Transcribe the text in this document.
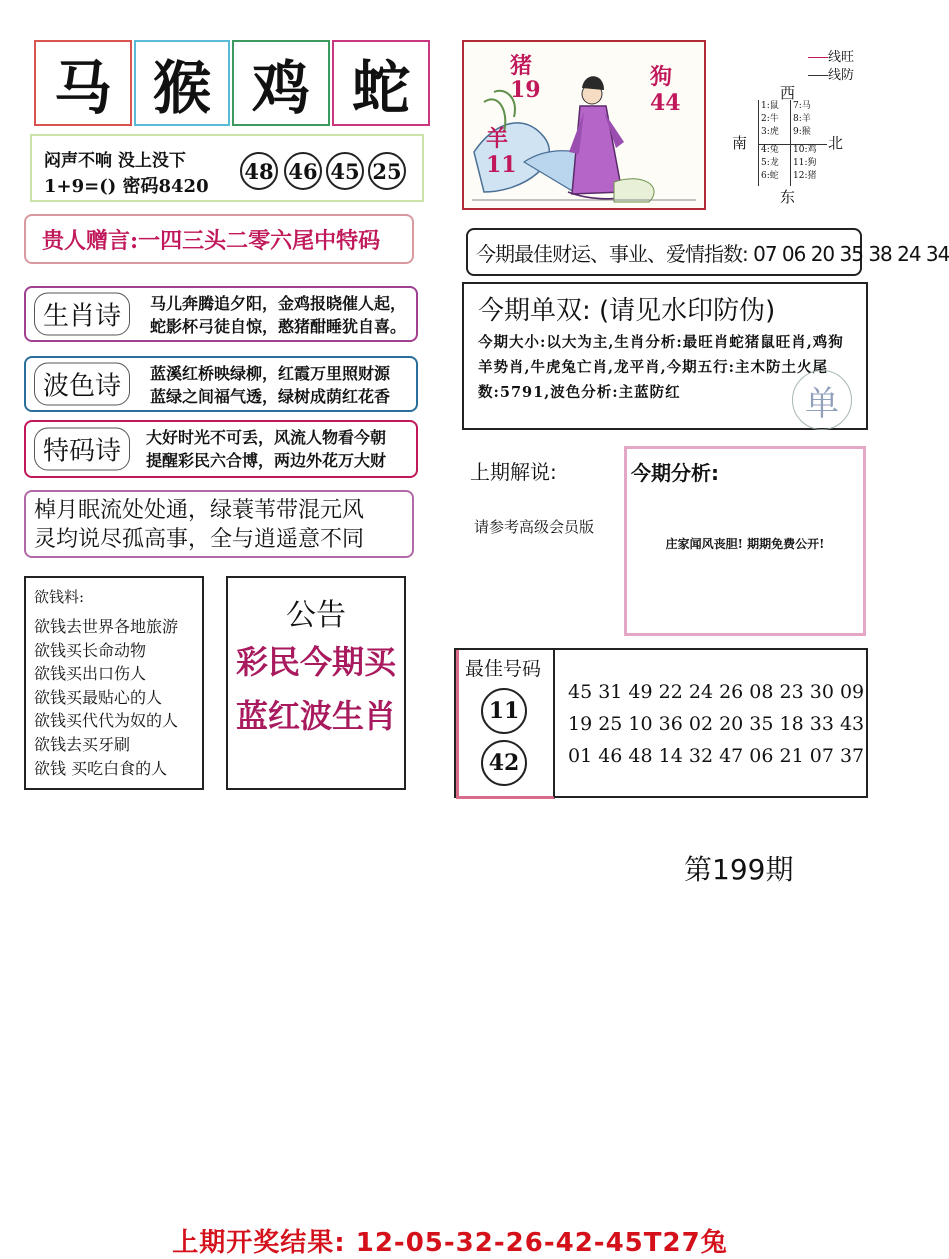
马 猴 鸡 蛇
闷声不响 没上没下
1+9=() 密码8420
48 46 45 25
贵人赠言:一四三头二零六尾中特码
生肖诗	马儿奔腾追夕阳，金鸡报晓催人起，
蛇影杯弓徒自惊，憨猪酣睡犹自喜。
波色诗	蓝溪红桥映绿柳，红霞万里照财源
蓝绿之间福气透，绿树成荫红花香
特码诗	大好时光不可丢，风流人物看今朝
提醒彩民六合博，两边外花万大财
棹月眠流处处通，绿蓑苇带混元风
灵均说尽孤高事，全与逍遥意不同
欲钱料:
欲钱去世界各地旅游
欲钱买长命动物
欲钱买出口伤人
欲钱买最贴心的人
欲钱买代代为奴的人
欲钱去买牙刷
欲钱 买吃白食的人
公告
彩民今期买
蓝红波生肖
猪
19	狗
44
羊
11
线旺
线防
西
南	北
东
1:鼠
2:牛
3:虎
7:马
8:羊
9:猴
4:兔
5:龙
6:蛇
10:鸡
11:狗
12:猪
今期最佳财运、事业、爱情指数: 07 06 20 35 38 24 34
今期单双: (请见水印防伪)
今期大小:以大为主,生肖分析:最旺肖蛇猪鼠旺肖,鸡狗羊势肖,牛虎兔亡肖,龙平肖,今期五行:主木防土火尾数:5791,波色分析:主蓝防红	单
上期解说:
请参考高级会员版
今期分析:
庄家闻风丧胆! 期期免费公开!
最佳号码
11
42
45 31 49 22 24 26 08 23 30 09
19 25 10 36 02 20 35 18 33 43
01 46 48 14 32 47 06 21 07 37
第199期
上期开奖结果: 12-05-32-26-42-45T27兔
